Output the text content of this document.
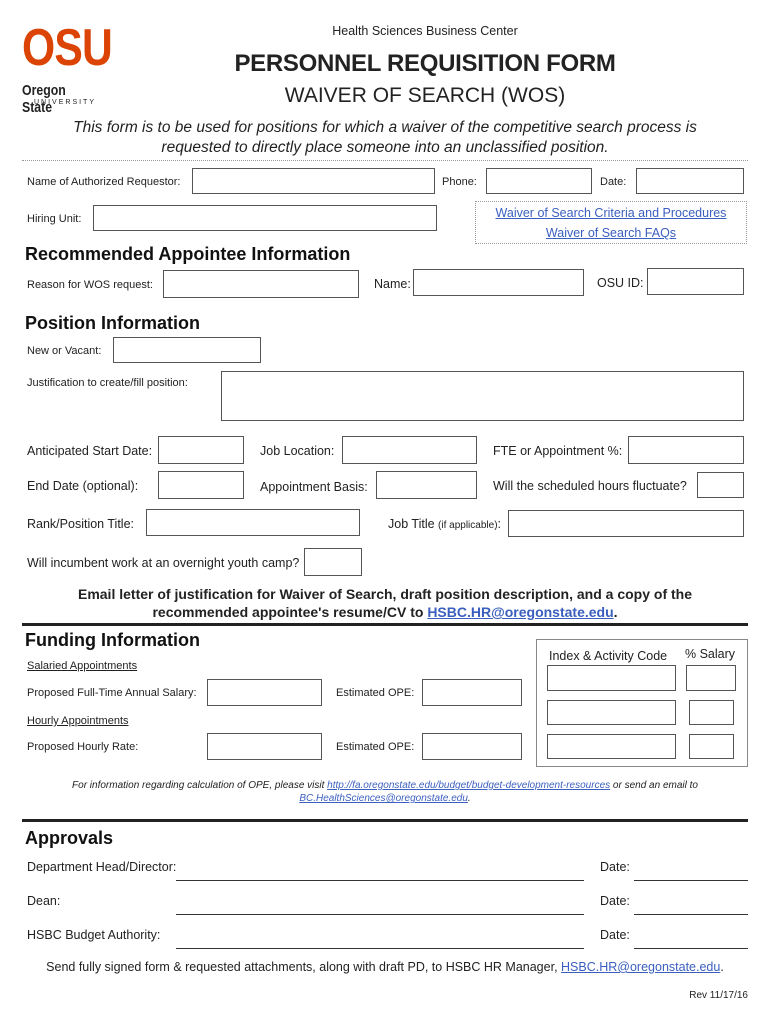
OSU
Oregon State
UNIVERSITY
Health Sciences Business Center
PERSONNEL REQUISITION FORM
WAIVER OF SEARCH (WOS)
This form is to be used for positions for which a waiver of the competitive search process is
requested to directly place someone into an unclassified position.
Name of Authorized Requestor:	Phone:	Date:
Hiring Unit:	Waiver of Search Criteria and Procedures
Waiver of Search FAQs
Recommended Appointee Information
Reason for WOS request:	Name:	OSU ID:
Position Information
New or Vacant:
Justification to create/fill position:
Anticipated Start Date:	Job Location:	FTE or Appointment %:
End Date (optional):	Appointment Basis:	Will the scheduled hours fluctuate?
Rank/Position Title:	Job Title (if applicable):
Will incumbent work at an overnight youth camp?
Email letter of justification for Waiver of Search, draft position description, and a copy of the
recommended appointee's resume/CV to HSBC.HR@oregonstate.edu.
Funding Information
Salaried Appointments
Proposed Full-Time Annual Salary:	Estimated OPE:
Hourly Appointments
Proposed Hourly Rate:	Estimated OPE:
Index & Activity Code % Salary
For information regarding calculation of OPE, please visit http://fa.oregonstate.edu/budget/budget-development-resources or send an email to
BC.HealthSciences@oregonstate.edu.
Approvals
Department Head/Director:	Date:
Dean:	Date:
HSBC Budget Authority:	Date:
Send fully signed form & requested attachments, along with draft PD, to HSBC HR Manager, HSBC.HR@oregonstate.edu.
Rev 11/17/16
